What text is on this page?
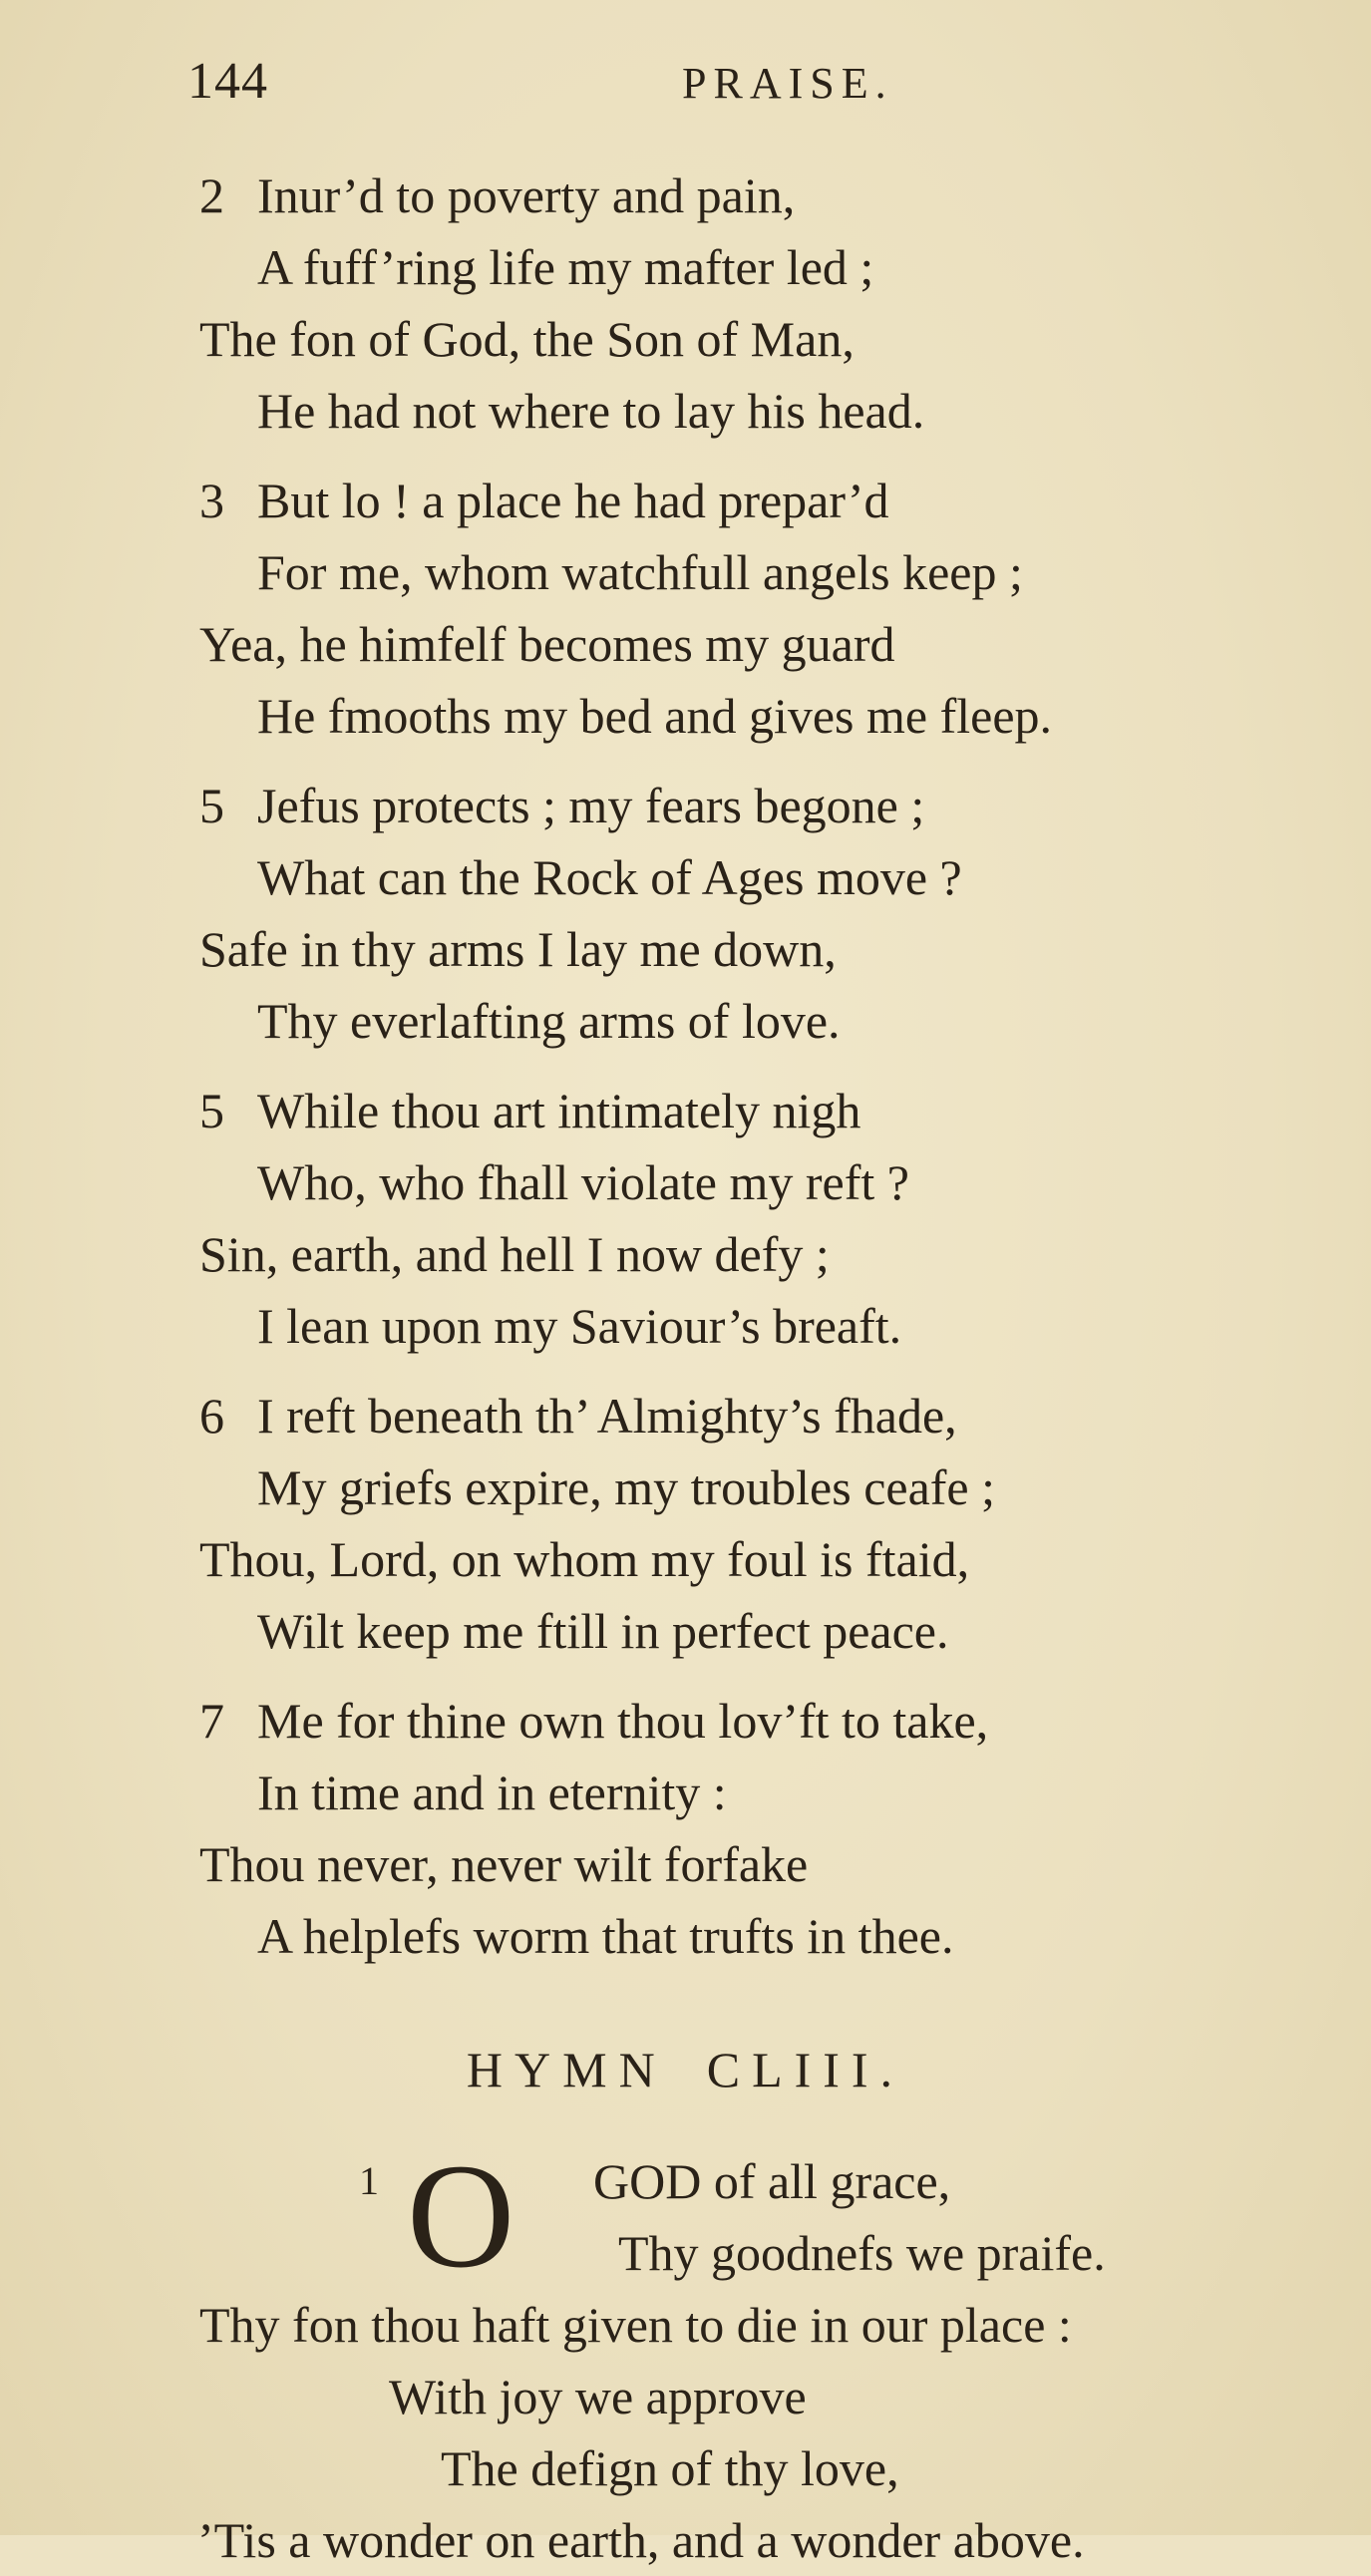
144	PRAISE.
2 Inur’d to poverty and pain,
A fuff’ring life my mafter led ;
The fon of God, the Son of Man,
He had not where to lay his head.
3 But lo ! a place he had prepar’d
For me, whom watchfull angels keep ;
Yea, he himfelf becomes my guard
He fmooths my bed and gives me fleep.
5 Jefus protects ; my fears begone ;
What can the Rock of Ages move ?
Safe in thy arms I lay me down,
Thy everlafting arms of love.
5 While thou art intimately nigh
Who, who fhall violate my reft ?
Sin, earth, and hell I now defy ;
I lean upon my Saviour’s breaft.
6 I reft beneath th’ Almighty’s fhade,
My griefs expire, my troubles ceafe ;
Thou, Lord, on whom my foul is ftaid,
Wilt keep me ftill in perfect peace.
7 Me for thine own thou lov’ft to take,
In time and in eternity :
Thou never, never wilt forfake
A helplefs worm that trufts in thee.
HYMN CLIII.
1 O GOD of all grace,
Thy goodnefs we praife.
Thy fon thou haft given to die in our place :
With joy we approve
The defign of thy love,
’Tis a wonder on earth, and a wonder above.
